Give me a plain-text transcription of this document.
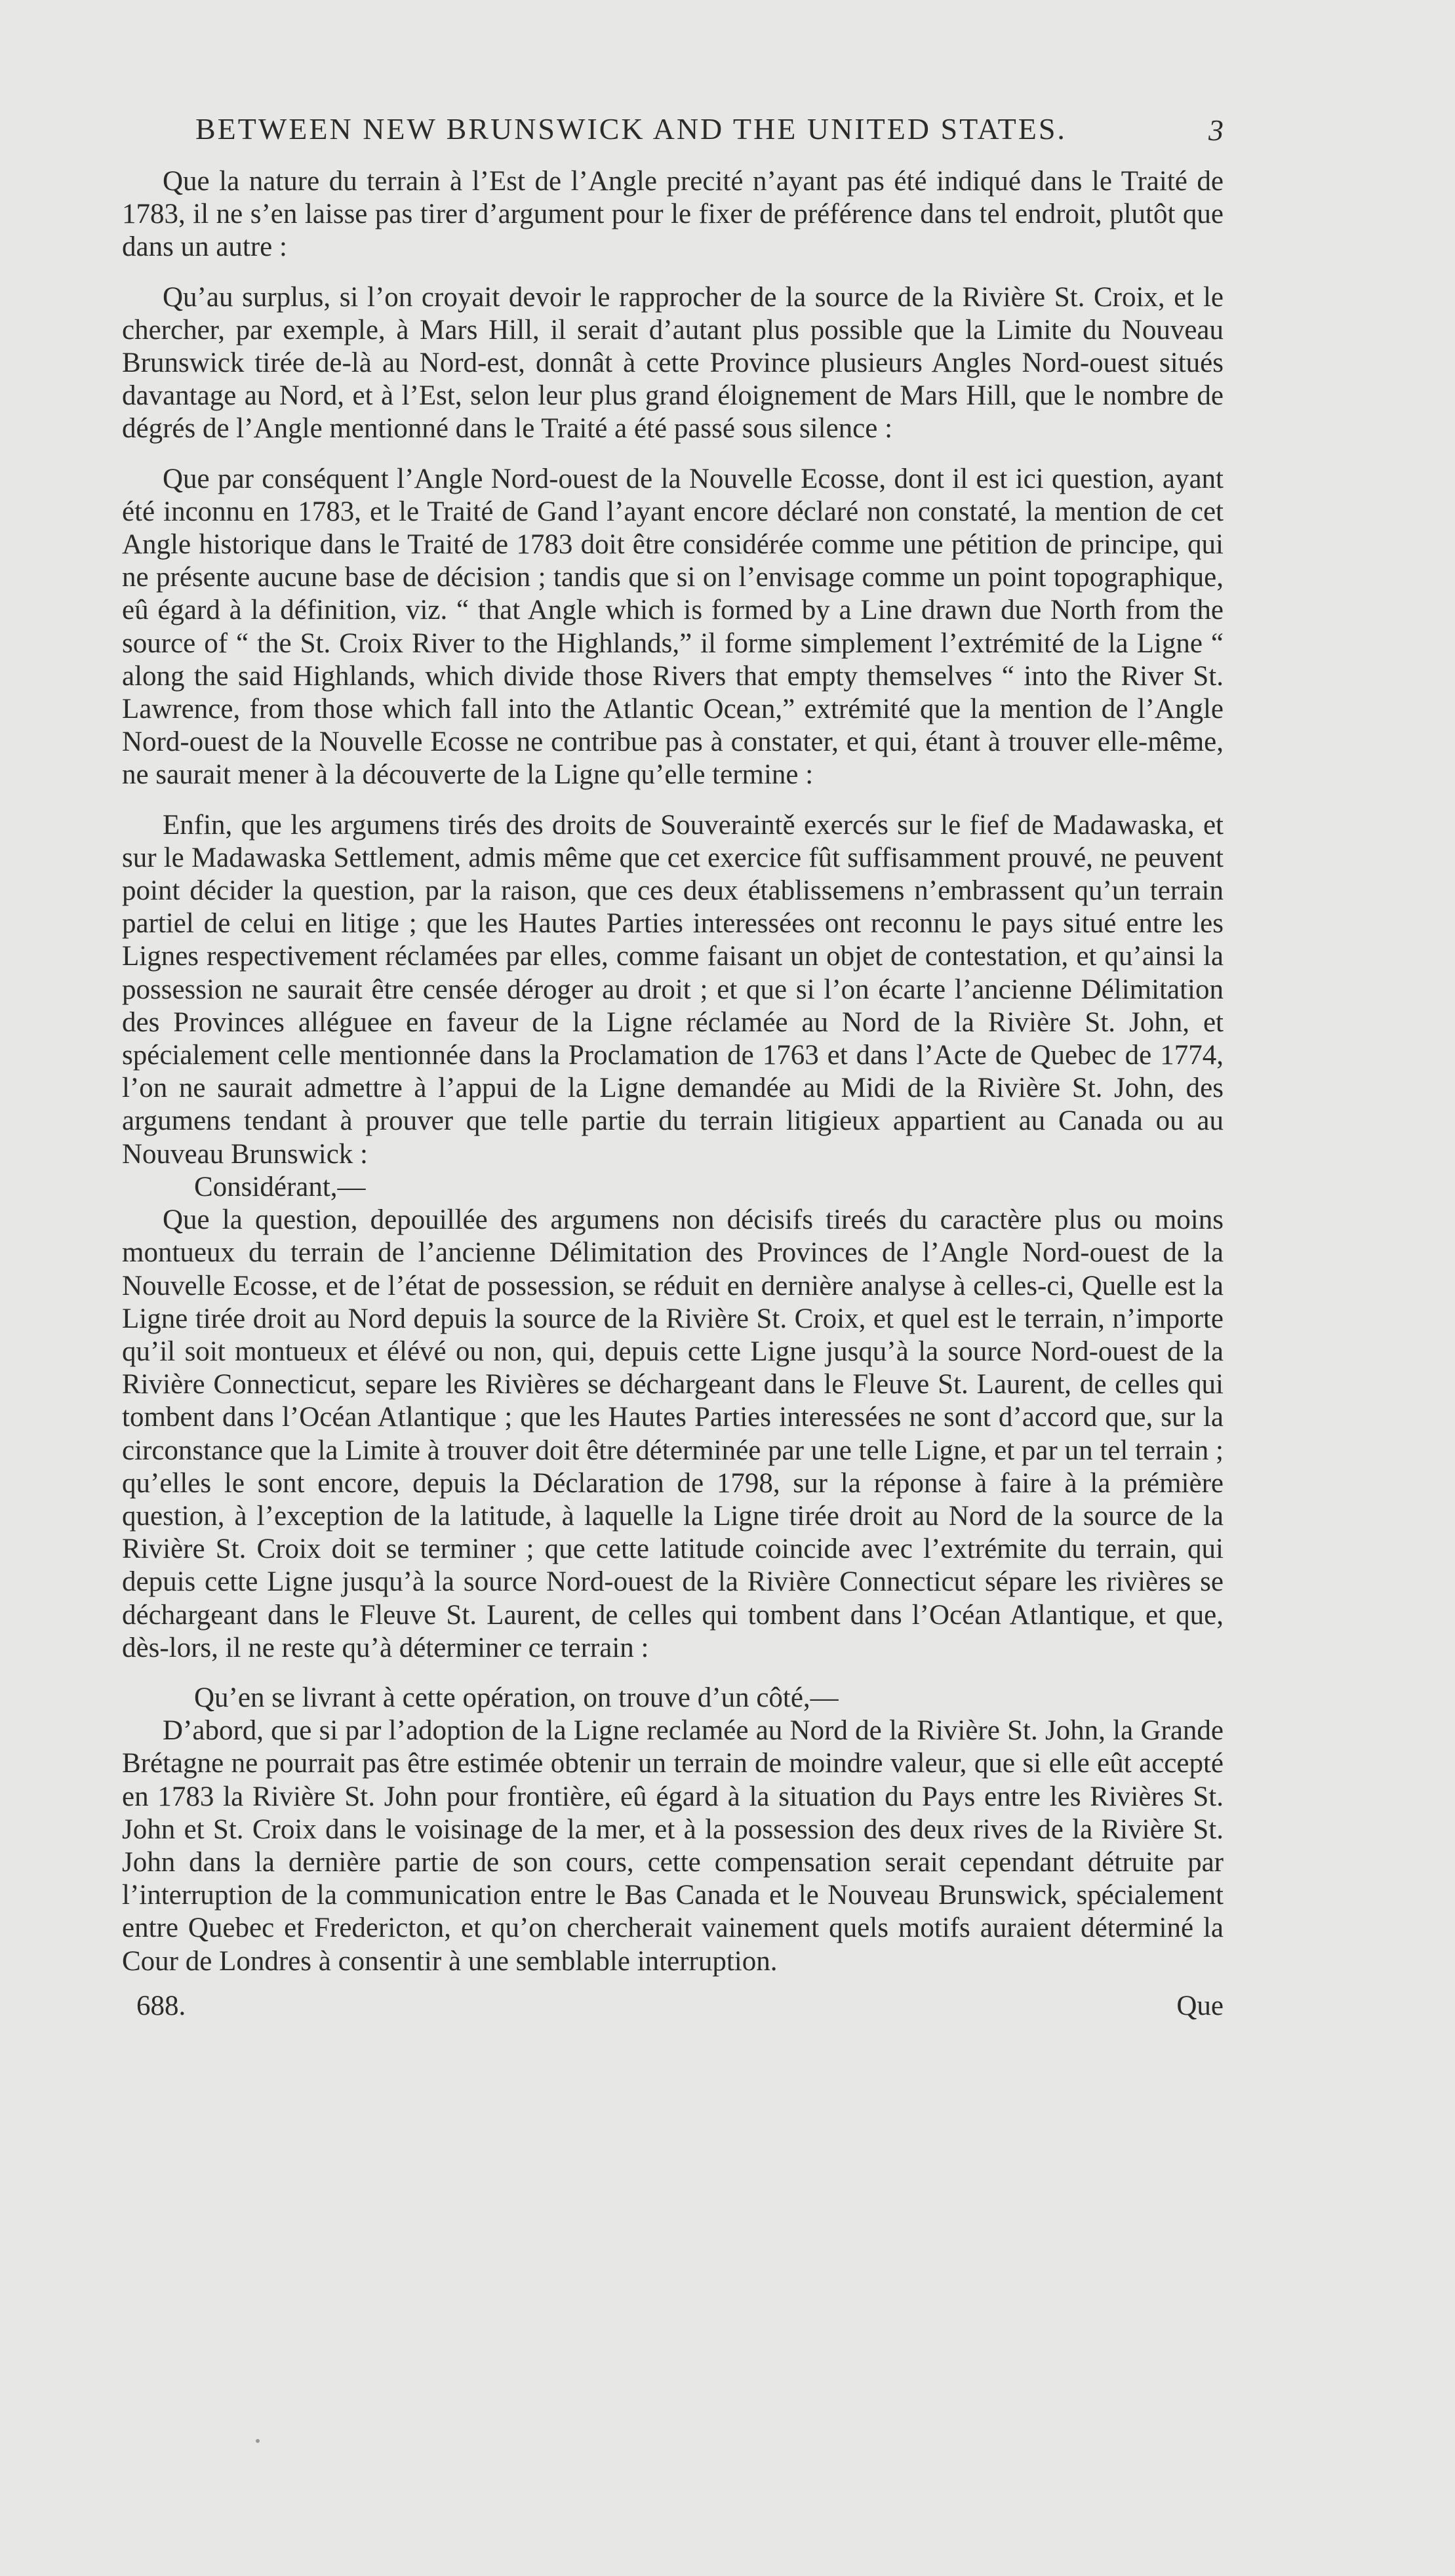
BETWEEN NEW BRUNSWICK AND THE UNITED STATES.	3

Que la nature du terrain à l’Est de l’Angle precité n’ayant pas été indiqué dans le Traité de 1783, il ne s’en laisse pas tirer d’argument pour le fixer de préférence dans tel endroit, plutôt que dans un autre :

Qu’au surplus, si l’on croyait devoir le rapprocher de la source de la Rivière St. Croix, et le chercher, par exemple, à Mars Hill, il serait d’autant plus possible que la Limite du Nouveau Brunswick tirée de-là au Nord-est, donnât à cette Province plusieurs Angles Nord-ouest situés davantage au Nord, et à l’Est, selon leur plus grand éloignement de Mars Hill, que le nombre de dégrés de l’Angle mentionné dans le Traité a été passé sous silence :

Que par conséquent l’Angle Nord-ouest de la Nouvelle Ecosse, dont il est ici question, ayant été inconnu en 1783, et le Traité de Gand l’ayant encore déclaré non constaté, la mention de cet Angle historique dans le Traité de 1783 doit être considérée comme une pétition de principe, qui ne présente aucune base de décision ; tandis que si on l’envisage comme un point topographique, eû égard à la définition, viz. “ that Angle which is formed by a Line drawn due North from the source of “ the St. Croix River to the Highlands,” il forme simplement l’extrémité de la Ligne “ along the said Highlands, which divide those Rivers that empty themselves “ into the River St. Lawrence, from those which fall into the Atlantic Ocean,” extrémité que la mention de l’Angle Nord-ouest de la Nouvelle Ecosse ne contribue pas à constater, et qui, étant à trouver elle-même, ne saurait mener à la découverte de la Ligne qu’elle termine :

Enfin, que les argumens tirés des droits de Souveraintě exercés sur le fief de Madawaska, et sur le Madawaska Settlement, admis même que cet exercice fût suffisamment prouvé, ne peuvent point décider la question, par la raison, que ces deux établissemens n’embrassent qu’un terrain partiel de celui en litige ; que les Hautes Parties interessées ont reconnu le pays situé entre les Lignes respectivement réclamées par elles, comme faisant un objet de contestation, et qu’ainsi la possession ne saurait être censée déroger au droit ; et que si l’on écarte l’ancienne Délimitation des Provinces alléguee en faveur de la Ligne réclamée au Nord de la Rivière St. John, et spécialement celle mentionnée dans la Proclamation de 1763 et dans l’Acte de Quebec de 1774, l’on ne saurait admettre à l’appui de la Ligne demandée au Midi de la Rivière St. John, des argumens tendant à prouver que telle partie du terrain litigieux appartient au Canada ou au Nouveau Brunswick :

Considérant,—

Que la question, depouillée des argumens non décisifs tireés du caractère plus ou moins montueux du terrain de l’ancienne Délimitation des Provinces de l’Angle Nord-ouest de la Nouvelle Ecosse, et de l’état de possession, se réduit en dernière analyse à celles-ci, Quelle est la Ligne tirée droit au Nord depuis la source de la Rivière St. Croix, et quel est le terrain, n’importe qu’il soit montueux et élévé ou non, qui, depuis cette Ligne jusqu’à la source Nord-ouest de la Rivière Connecticut, separe les Rivières se déchargeant dans le Fleuve St. Laurent, de celles qui tombent dans l’Océan Atlantique ; que les Hautes Parties interessées ne sont d’accord que, sur la circonstance que la Limite à trouver doit être déterminée par une telle Ligne, et par un tel terrain ; qu’elles le sont encore, depuis la Déclaration de 1798, sur la réponse à faire à la prémière question, à l’exception de la latitude, à laquelle la Ligne tirée droit au Nord de la source de la Rivière St. Croix doit se terminer ; que cette latitude coincide avec l’extrémite du terrain, qui depuis cette Ligne jusqu’à la source Nord-ouest de la Rivière Connecticut sépare les rivières se déchargeant dans le Fleuve St. Laurent, de celles qui tombent dans l’Océan Atlantique, et que, dès-lors, il ne reste qu’à déterminer ce terrain :

Qu’en se livrant à cette opération, on trouve d’un côté,—

D’abord, que si par l’adoption de la Ligne reclamée au Nord de la Rivière St. John, la Grande Brétagne ne pourrait pas être estimée obtenir un terrain de moindre valeur, que si elle eût accepté en 1783 la Rivière St. John pour frontière, eû égard à la situation du Pays entre les Rivières St. John et St. Croix dans le voisinage de la mer, et à la possession des deux rives de la Rivière St. John dans la dernière partie de son cours, cette compensation serait cependant détruite par l’interruption de la communication entre le Bas Canada et le Nouveau Brunswick, spécialement entre Quebec et Fredericton, et qu’on chercherait vainement quels motifs auraient déterminé la Cour de Londres à consentir à une semblable interruption.

688.	Que
